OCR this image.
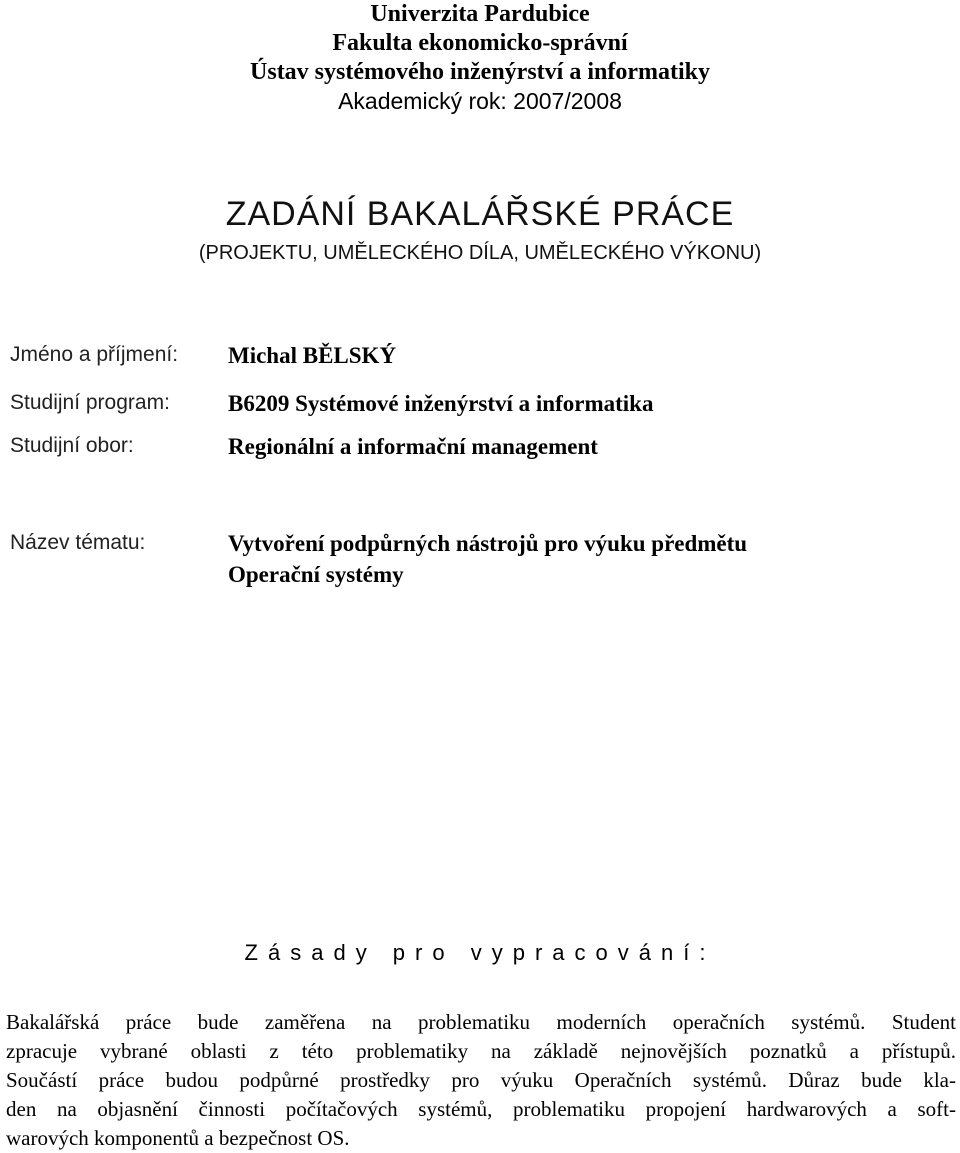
Univerzita Pardubice
Fakulta ekonomicko-správní
Ústav systémového inženýrství a informatiky
Akademický rok: 2007/2008
ZADÁNÍ BAKALÁŘSKÉ PRÁCE
(PROJEKTU, UMĚLECKÉHO DÍLA, UMĚLECKÉHO VÝKONU)
Jméno a příjmení: Michal BĚLSKÝ
Studijní program:	B6209 Systémové inženýrství a informatika
Studijní obor:	Regionální a informační management
Název tématu:	Vytvoření podpůrných nástrojů pro výuku předmětu
Operační systémy
Zásady pro vypracování:
Bakalářská práce bude zaměřena na problematiku moderních operačních systémů. Student
zpracuje vybrané oblasti z této problematiky na základě nejnovějších poznatků a přístupů.
Součástí práce budou podpůrné prostředky pro výuku Operačních systémů. Důraz bude kla-
den na objasnění činnosti počítačových systémů, problematiku propojení hardwarových a soft-
warových komponentů a bezpečnost OS.
